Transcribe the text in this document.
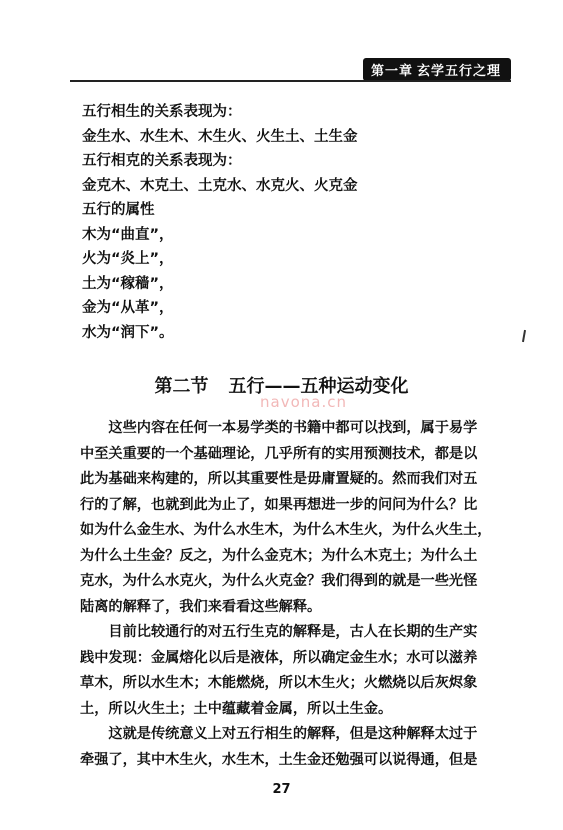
第一章 玄学五行之理
五行相生的关系表现为：
金生水、水生木、木生火、火生土、土生金
五行相克的关系表现为：
金克木、木克土、土克水、水克火、火克金
五行的属性
木为“曲直”，
火为“炎上”，
土为“稼穑”，
金为“从革”，
水为“润下”。
第二节 五行——五种运动变化
navona.cn
　　这些内容在任何一本易学类的书籍中都可以找到，属于易学
中至关重要的一个基础理论，几乎所有的实用预测技术，都是以
此为基础来构建的，所以其重要性是毋庸置疑的。然而我们对五
行的了解，也就到此为止了，如果再想进一步的问问为什么？比
如为什么金生水、为什么水生木，为什么木生火，为什么火生土，
为什么土生金？反之，为什么金克木；为什么木克土；为什么土
克水，为什么水克火，为什么火克金？我们得到的就是一些光怪
陆离的解释了，我们来看看这些解释。
　　目前比较通行的对五行生克的解释是，古人在长期的生产实
践中发现：金属熔化以后是液体，所以确定金生水；水可以滋养
草木，所以水生木；木能燃烧，所以木生火；火燃烧以后灰烬象
土，所以火生土；土中蕴藏着金属，所以土生金。
　　这就是传统意义上对五行相生的解释，但是这种解释太过于
牵强了，其中木生火，水生木，土生金还勉强可以说得通，但是
27
